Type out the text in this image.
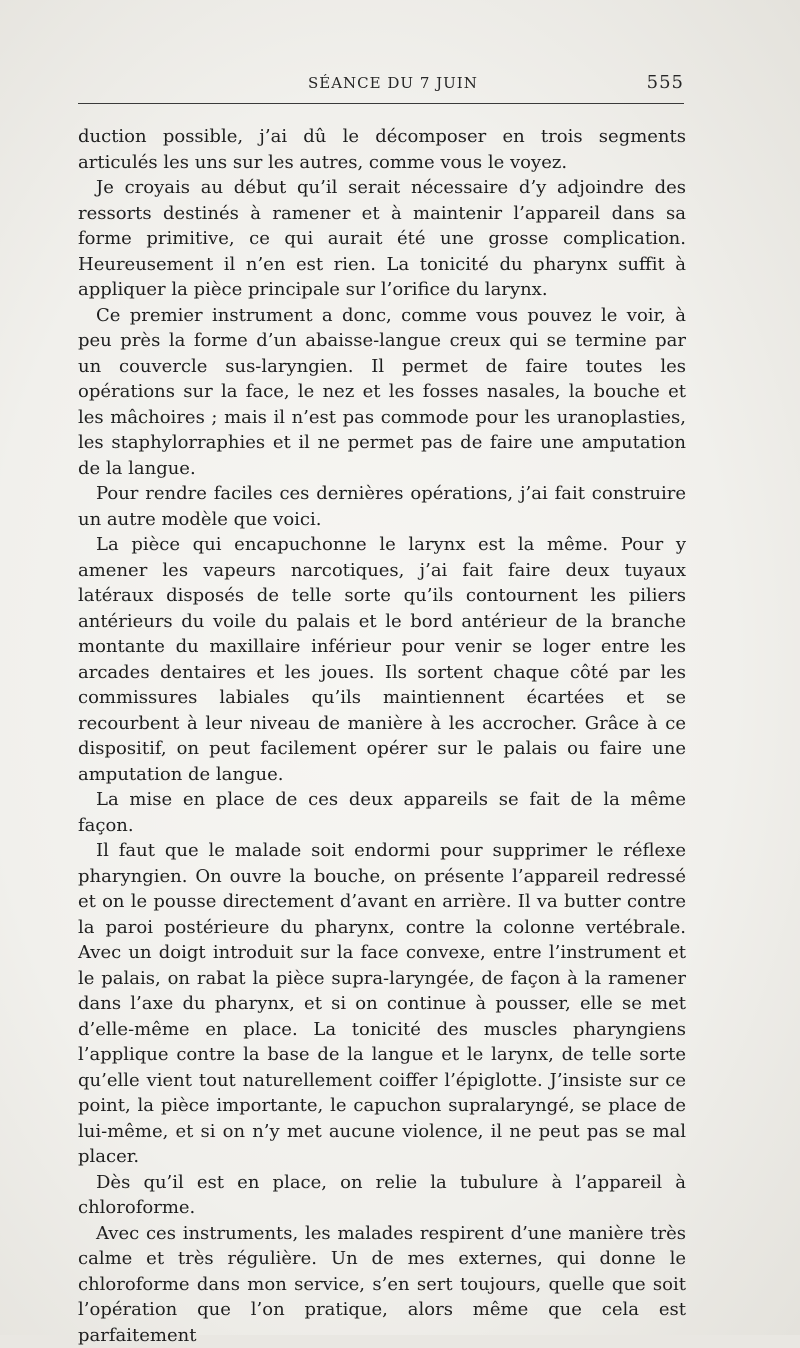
SÉANCE DU 7 JUIN	555

duction possible, j’ai dû le décomposer en trois segments articulés les uns sur les autres, comme vous le voyez.

Je croyais au début qu’il serait nécessaire d’y adjoindre des ressorts destinés à ramener et à maintenir l’appareil dans sa forme primitive, ce qui aurait été une grosse complication. Heureusement il n’en est rien. La tonicité du pharynx suffit à appliquer la pièce principale sur l’orifice du larynx.

Ce premier instrument a donc, comme vous pouvez le voir, à peu près la forme d’un abaisse-langue creux qui se termine par un couvercle sus-laryngien. Il permet de faire toutes les opérations sur la face, le nez et les fosses nasales, la bouche et les mâchoires ; mais il n’est pas commode pour les uranoplasties, les staphylorraphies et il ne permet pas de faire une amputation de la langue.

Pour rendre faciles ces dernières opérations, j’ai fait construire un autre modèle que voici.

La pièce qui encapuchonne le larynx est la même. Pour y amener les vapeurs narcotiques, j’ai fait faire deux tuyaux latéraux disposés de telle sorte qu’ils contournent les piliers antérieurs du voile du palais et le bord antérieur de la branche montante du maxillaire inférieur pour venir se loger entre les arcades dentaires et les joues. Ils sortent chaque côté par les commissures labiales qu’ils maintiennent écartées et se recourbent à leur niveau de manière à les accrocher. Grâce à ce dispositif, on peut facilement opérer sur le palais ou faire une amputation de langue.

La mise en place de ces deux appareils se fait de la même façon.

Il faut que le malade soit endormi pour supprimer le réflexe pharyngien. On ouvre la bouche, on présente l’appareil redressé et on le pousse directement d’avant en arrière. Il va butter contre la paroi postérieure du pharynx, contre la colonne vertébrale. Avec un doigt introduit sur la face convexe, entre l’instrument et le palais, on rabat la pièce supra-laryngée, de façon à la ramener dans l’axe du pharynx, et si on continue à pousser, elle se met d’elle-même en place. La tonicité des muscles pharyngiens l’applique contre la base de la langue et le larynx, de telle sorte qu’elle vient tout naturellement coiffer l’épiglotte. J’insiste sur ce point, la pièce importante, le capuchon supralaryngé, se place de lui-même, et si on n’y met aucune violence, il ne peut pas se mal placer.

Dès qu’il est en place, on relie la tubulure à l’appareil à chloroforme.

Avec ces instruments, les malades respirent d’une manière très calme et très régulière. Un de mes externes, qui donne le chloroforme dans mon service, s’en sert toujours, quelle que soit l’opération que l’on pratique, alors même que cela est parfaitement
